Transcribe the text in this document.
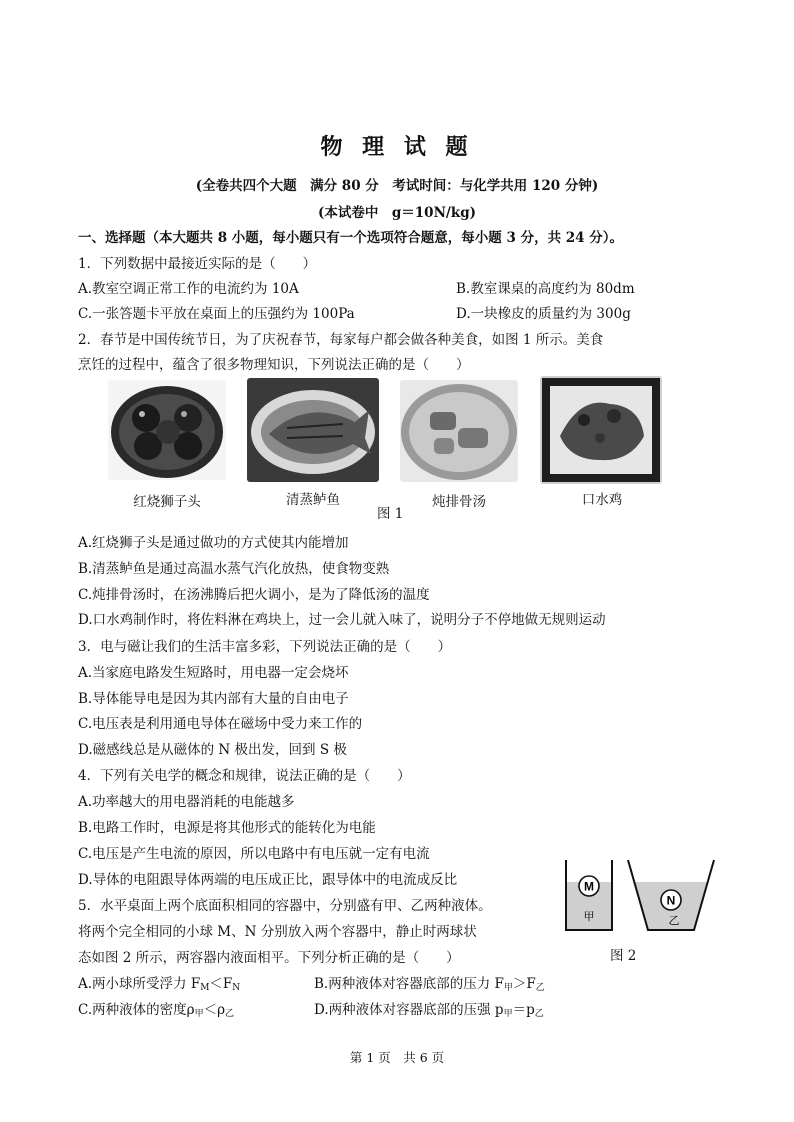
物 理 试 题
(全卷共四个大题　满分 80 分　考试时间：与化学共用 120 分钟)
(本试卷中　g＝10N/kg)
一、选择题（本大题共 8 小题，每小题只有一个选项符合题意，每小题 3 分，共 24 分）。
1．下列数据中最接近实际的是（　　）
A.教室空调正常工作的电流约为 10A	B.教室课桌的高度约为 80dm
C.一张答题卡平放在桌面上的压强约为 100Pa	D.一块橡皮的质量约为 300g
2．春节是中国传统节日，为了庆祝春节，每家每户都会做各种美食，如图 1 所示。美食
烹饪的过程中，蕴含了很多物理知识，下列说法正确的是（　　）
红烧狮子头	清蒸鲈鱼	炖排骨汤	口水鸡
图 1
A.红烧狮子头是通过做功的方式使其内能增加
B.清蒸鲈鱼是通过高温水蒸气汽化放热，使食物变熟
C.炖排骨汤时，在汤沸腾后把火调小，是为了降低汤的温度
D.口水鸡制作时，将佐料淋在鸡块上，过一会儿就入味了，说明分子不停地做无规则运动
3．电与磁让我们的生活丰富多彩，下列说法正确的是（　　）
A.当家庭电路发生短路时，用电器一定会烧坏
B.导体能导电是因为其内部有大量的自由电子
C.电压表是利用通电导体在磁场中受力来工作的
D.磁感线总是从磁体的 N 极出发，回到 S 极
4．下列有关电学的概念和规律，说法正确的是（　　）
A.功率越大的用电器消耗的电能越多
B.电路工作时，电源是将其他形式的能转化为电能
C.电压是产生电流的原因，所以电路中有电压就一定有电流
D.导体的电阻跟导体两端的电压成正比，跟导体中的电流成反比	M
甲
N
乙
图 2
5．水平桌面上两个底面积相同的容器中，分别盛有甲、乙两种液体。
将两个完全相同的小球 M、N 分别放入两个容器中，静止时两球状
态如图 2 所示，两容器内液面相平。下列分析正确的是（　　）
A.两小球所受浮力 $F_M<F_N$	B.两种液体对容器底部的压力 $F_甲>F_乙$
C.两种液体的密度$\rho_甲<\rho_乙$	D.两种液体对容器底部的压强 $p_甲=p_乙$
第 1 页　共 6 页
